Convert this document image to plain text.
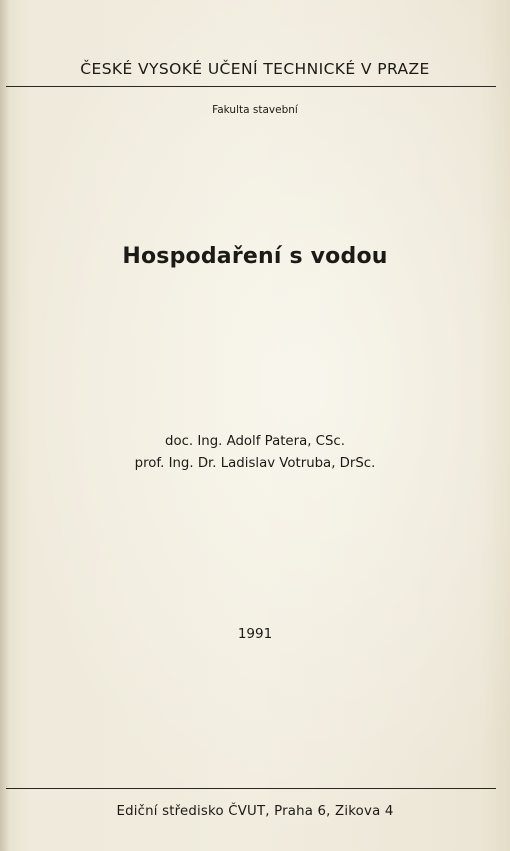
ČESKÉ VYSOKÉ UČENÍ TECHNICKÉ V PRAZE
Fakulta stavební
Hospodaření s vodou
doc. Ing. Adolf Patera, CSc.
prof. Ing. Dr. Ladislav Votruba, DrSc.
1991
Ediční středisko ČVUT, Praha 6, Zikova 4
